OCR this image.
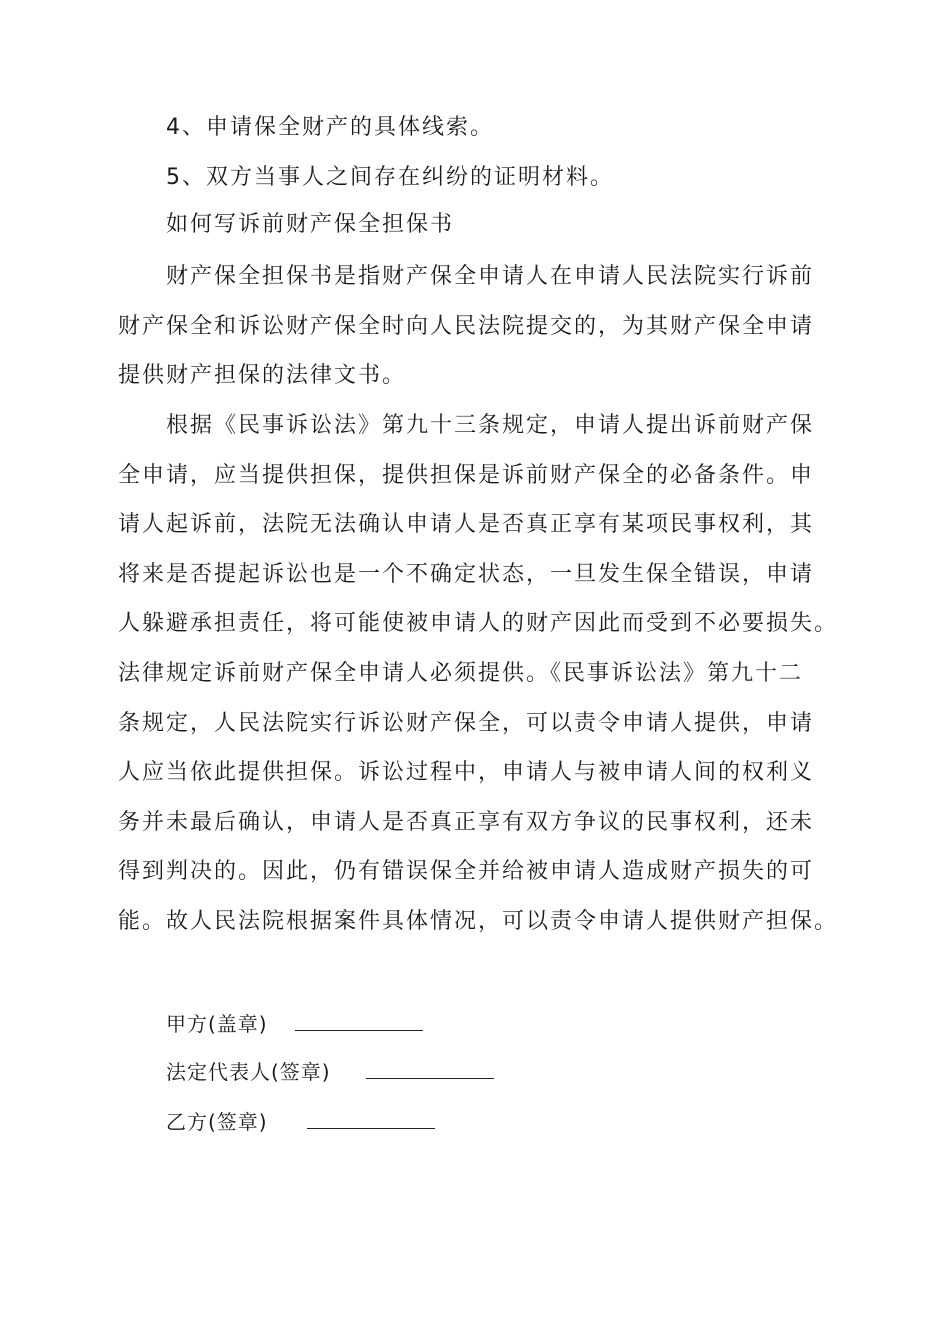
4、申请保全财产的具体线索。
5、双方当事人之间存在纠纷的证明材料。
如何写诉前财产保全担保书
财产保全担保书是指财产保全申请人在申请人民法院实行诉前
财产保全和诉讼财产保全时向人民法院提交的，为其财产保全申请
提供财产担保的法律文书。
根据《民事诉讼法》第九十三条规定，申请人提出诉前财产保
全申请，应当提供担保，提供担保是诉前财产保全的必备条件。申
请人起诉前，法院无法确认申请人是否真正享有某项民事权利，其
将来是否提起诉讼也是一个不确定状态，一旦发生保全错误，申请
人躲避承担责任，将可能使被申请人的财产因此而受到不必要损失。
法律规定诉前财产保全申请人必须提供。《民事诉讼法》第九十二
条规定，人民法院实行诉讼财产保全，可以责令申请人提供，申请
人应当依此提供担保。诉讼过程中，申请人与被申请人间的权利义
务并未最后确认，申请人是否真正享有双方争议的民事权利，还未
得到判决的。因此，仍有错误保全并给被申请人造成财产损失的可
能。故人民法院根据案件具体情况，可以责令申请人提供财产担保。
甲方(盖章)
法定代表人(签章)
乙方(签章)
